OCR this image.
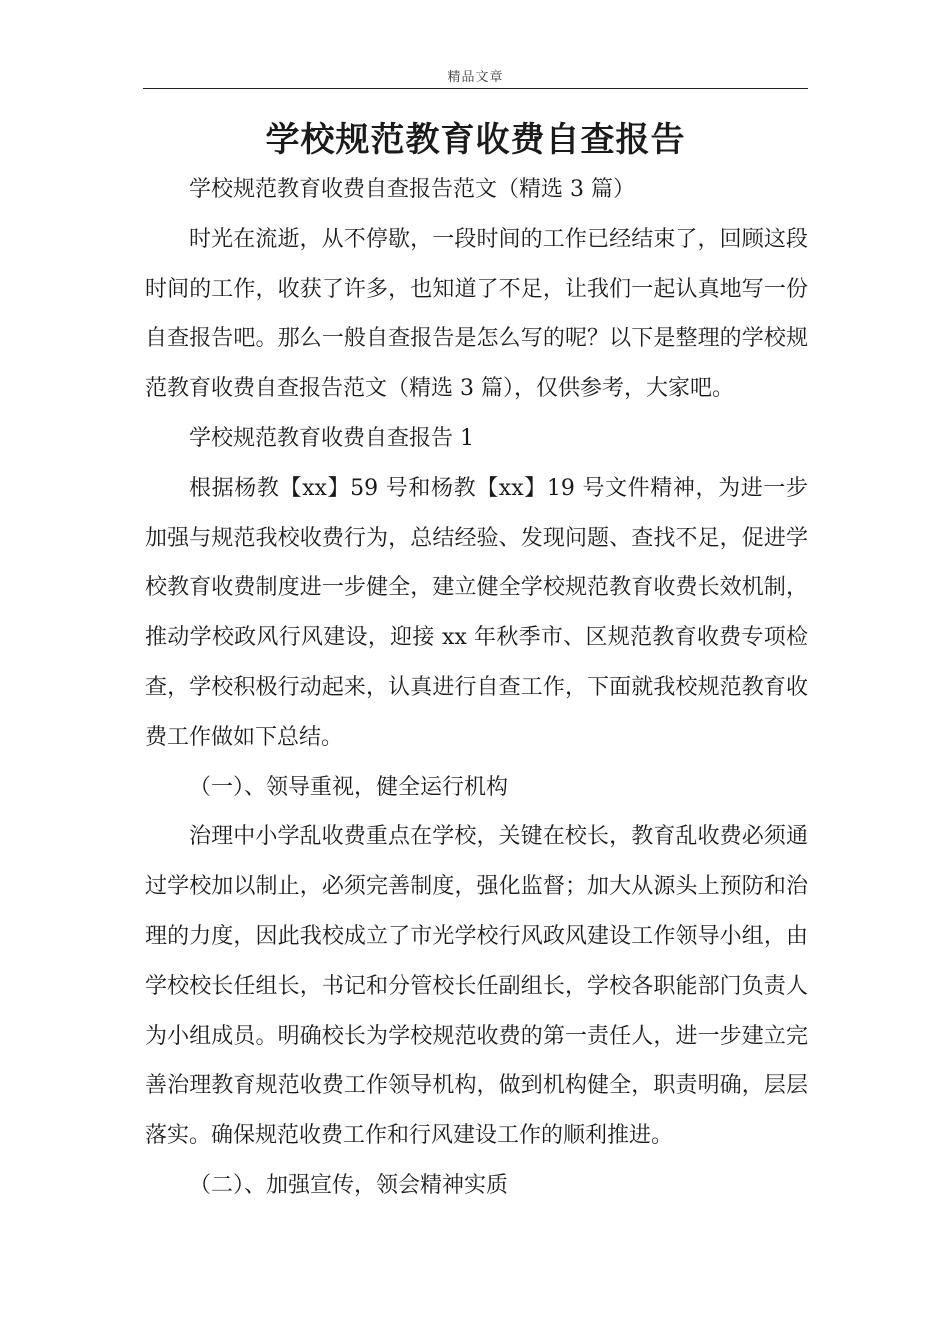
精品文章
学校规范教育收费自查报告

学校规范教育收费自查报告范文（精选 3 篇）

时光在流逝，从不停歇，一段时间的工作已经结束了，回顾这段时间的工作，收获了许多，也知道了不足，让我们一起认真地写一份自查报告吧。那么一般自查报告是怎么写的呢？以下是整理的学校规范教育收费自查报告范文（精选 3 篇），仅供参考，大家吧。

学校规范教育收费自查报告 1

根据杨教【xx】59 号和杨教【xx】19 号文件精神，为进一步加强与规范我校收费行为，总结经验、发现问题、查找不足，促进学校教育收费制度进一步健全，建立健全学校规范教育收费长效机制，推动学校政风行风建设，迎接 xx 年秋季市、区规范教育收费专项检查，学校积极行动起来，认真进行自查工作，下面就我校规范教育收费工作做如下总结。

（一）、领导重视，健全运行机构

治理中小学乱收费重点在学校，关键在校长，教育乱收费必须通过学校加以制止，必须完善制度，强化监督；加大从源头上预防和治理的力度，因此我校成立了市光学校行风政风建设工作领导小组，由学校校长任组长，书记和分管校长任副组长，学校各职能部门负责人为小组成员。明确校长为学校规范收费的第一责任人，进一步建立完善治理教育规范收费工作领导机构，做到机构健全，职责明确，层层落实。确保规范收费工作和行风建设工作的顺利推进。

（二）、加强宣传，领会精神实质
